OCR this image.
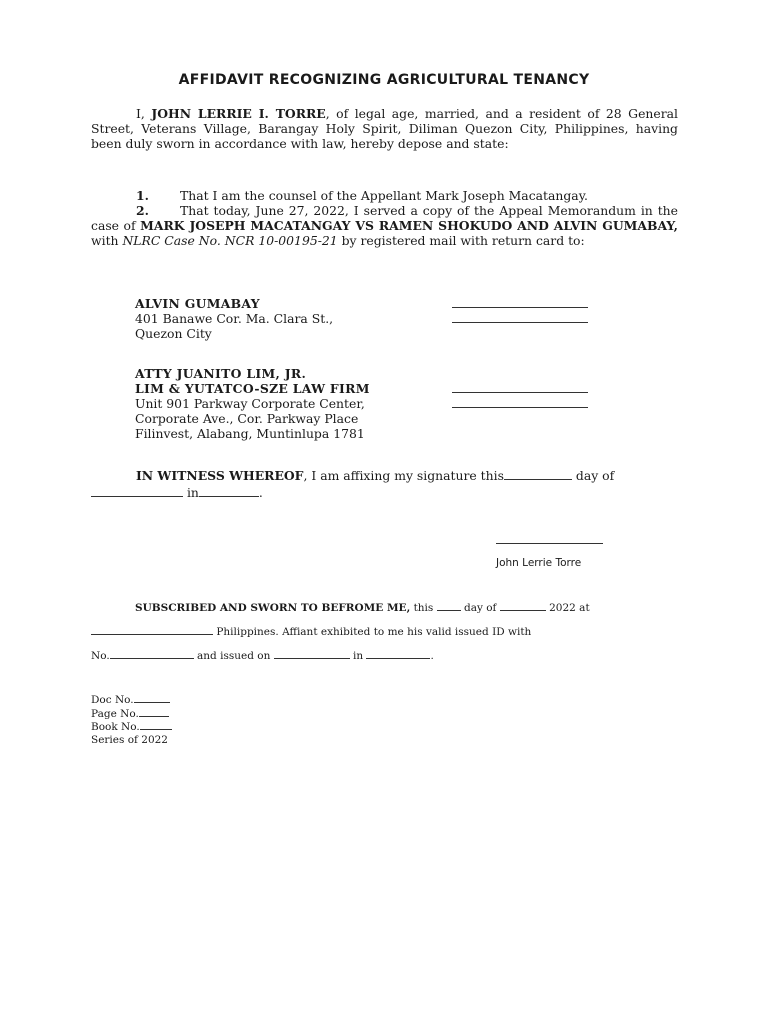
AFFIDAVIT RECOGNIZING AGRICULTURAL TENANCY
I, JOHN LERRIE I. TORRE, of legal age, married, and a resident of 28 General Street, Veterans Village, Barangay Holy Spirit, Diliman Quezon City, Philippines, having been duly sworn in accordance with law, hereby depose and state:
1.	That I am the counsel of the Appellant Mark Joseph Macatangay.
2.	That today, June 27, 2022, I served a copy of the Appeal Memorandum in the case of MARK JOSEPH MACATANGAY VS RAMEN SHOKUDO AND ALVIN GUMABAY, with NLRC Case No. NCR 10-00195-21 by registered mail with return card to:
ALVIN GUMABAY
401 Banawe Cor. Ma. Clara St.,
Quezon City
ATTY JUANITO LIM, JR.
LIM & YUTATCO-SZE LAW FIRM
Unit 901 Parkway Corporate Center,
Corporate Ave., Cor. Parkway Place
Filinvest, Alabang, Muntinlupa 1781
IN WITNESS WHEREOF, I am affixing my signature this	day of
in	.
John Lerrie Torre
SUBSCRIBED AND SWORN TO BEFROME ME, this  day of	2022 at
Philippines. Affiant exhibited to me his valid issued ID with
No.	and issued on	in	.
Doc No.
Page No.
Book No.
Series of 2022
